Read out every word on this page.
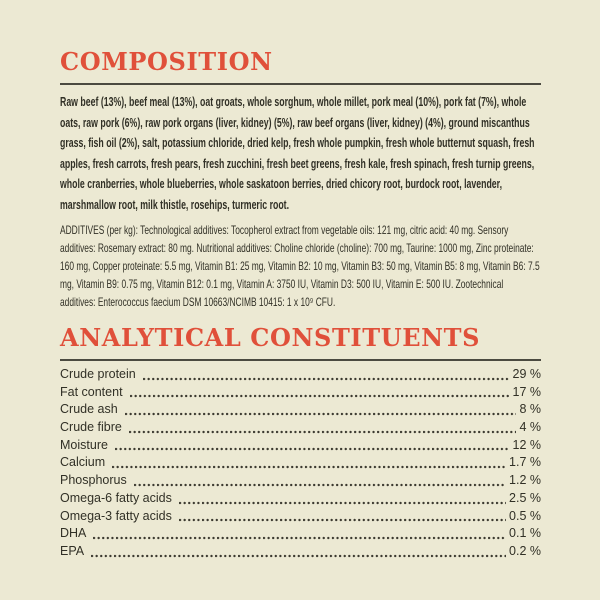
COMPOSITION

Raw beef (13%), beef meal (13%), oat groats, whole sorghum, whole millet, pork meal (10%), pork fat (7%), whole oats, raw pork (6%), raw pork organs (liver, kidney) (5%), raw beef organs (liver, kidney) (4%), ground miscanthus grass, fish oil (2%), salt, potassium chloride, dried kelp, fresh whole pumpkin, fresh whole butternut squash, fresh apples, fresh carrots, fresh pears, fresh zucchini, fresh beet greens, fresh kale, fresh spinach, fresh turnip greens, whole cranberries, whole blueberries, whole saskatoon berries, dried chicory root, burdock root, lavender, marshmallow root, milk thistle, rosehips, turmeric root.

ADDITIVES (per kg): Technological additives: Tocopherol extract from vegetable oils: 121 mg, citric acid: 40 mg. Sensory additives: Rosemary extract: 80 mg. Nutritional additives: Choline chloride (choline): 700 mg, Taurine: 1000 mg, Zinc proteinate: 160 mg, Copper proteinate: 5.5 mg, Vitamin B1: 25 mg, Vitamin B2: 10 mg, Vitamin B3: 50 mg, Vitamin B5: 8 mg, Vitamin B6: 7.5 mg, Vitamin B9: 0.75 mg, Vitamin B12: 0.1 mg, Vitamin A: 3750 IU, Vitamin D3: 500 IU, Vitamin E: 500 IU. Zootechnical additives: Enterococcus faecium DSM 10663/NCIMB 10415: 1 x 10⁹ CFU.

ANALYTICAL CONSTITUENTS
Crude protein	29 %
Fat content	17 %
Crude ash	8 %
Crude fibre	4 %
Moisture	12 %
Calcium	1.7 %
Phosphorus	1.2 %
Omega-6 fatty acids	2.5 %
Omega-3 fatty acids	0.5 %
DHA	0.1 %
EPA	0.2 %
